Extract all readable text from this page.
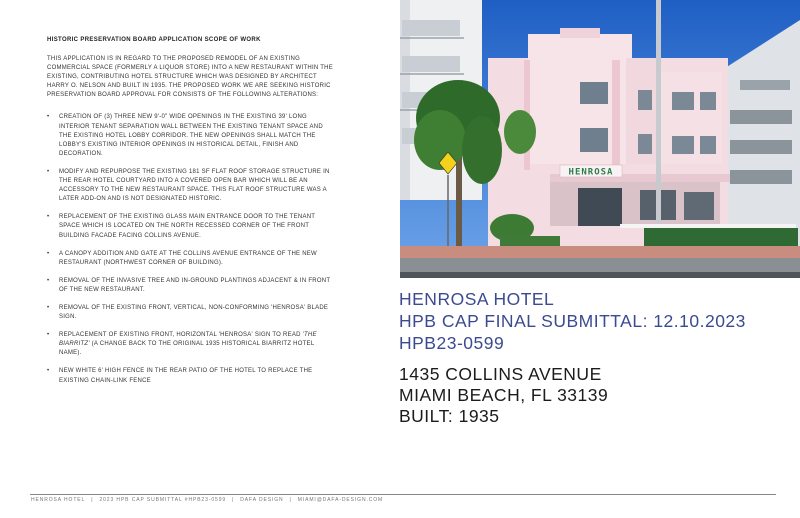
HISTORIC PRESERVATION BOARD APPLICATION SCOPE OF WORK
THIS APPLICATION IS IN REGARD TO THE PROPOSED REMODEL OF AN EXISTING COMMERCIAL SPACE (FORMERLY A LIQUOR STORE) INTO A NEW RESTAURANT WITHIN THE EXISTING, CONTRIBUTING HOTEL STRUCTURE WHICH WAS DESIGNED BY ARCHITECT HARRY O. NELSON AND BUILT IN 1935. THE PROPOSED WORK WE ARE SEEKING HISTORIC PRESERVATION BOARD APPROVAL FOR CONSISTS OF THE FOLLOWING ALTERATIONS:
• CREATION OF (3) THREE NEW 9'-0" WIDE OPENINGS IN THE EXISTING 39' LONG INTERIOR TENANT SEPARATION WALL BETWEEN THE EXISTING TENANT SPACE AND THE EXISTING HOTEL LOBBY CORRIDOR. THE NEW OPENINGS SHALL MATCH THE LOBBY'S EXISTING INTERIOR OPENINGS IN HISTORICAL DETAIL, FINISH AND DECORATION.
• MODIFY AND REPURPOSE THE EXISTING 181 SF FLAT ROOF STORAGE STRUCTURE IN THE REAR HOTEL COURTYARD INTO A COVERED OPEN BAR WHICH WILL BE AN ACCESSORY TO THE NEW RESTAURANT SPACE. THIS FLAT ROOF STRUCTURE WAS A LATER ADD-ON AND IS NOT DESIGNATED HISTORIC.
• REPLACEMENT OF THE EXISTING GLASS MAIN ENTRANCE DOOR TO THE TENANT SPACE WHICH IS LOCATED ON THE NORTH RECESSED CORNER OF THE FRONT BUILDING FACADE FACING COLLINS AVENUE.
• A CANOPY ADDITION AND GATE AT THE COLLINS AVENUE ENTRANCE OF THE NEW RESTAURANT (NORTHWEST CORNER OF BUILDING).
• REMOVAL OF THE INVASIVE TREE AND IN-GROUND PLANTINGS ADJACENT & IN FRONT OF THE NEW RESTAURANT.
• REMOVAL OF THE EXISTING FRONT, VERTICAL, NON-CONFORMING 'HENROSA' BLADE SIGN.
• REPLACEMENT OF EXISTING FRONT, HORIZONTAL 'HENROSA' SIGN TO READ 'THE BIARRITZ' (A CHANGE BACK TO THE ORIGINAL 1935 HISTORICAL BIARRITZ HOTEL NAME).
• NEW WHITE 6' HIGH FENCE IN THE REAR PATIO OF THE HOTEL TO REPLACE THE EXISTING CHAIN-LINK FENCE
HENROSA
HENROSA HOTEL
HPB CAP FINAL SUBMITTAL: 12.10.2023
HPB23-0599
1435 COLLINS AVENUE
MIAMI BEACH, FL 33139
BUILT: 1935
HENROSA HOTEL | 2023 HPB CAP SUBMITTAL #HPB23-0599 | DAFA DESIGN | MIAMI@DAFA-DESIGN.COM
